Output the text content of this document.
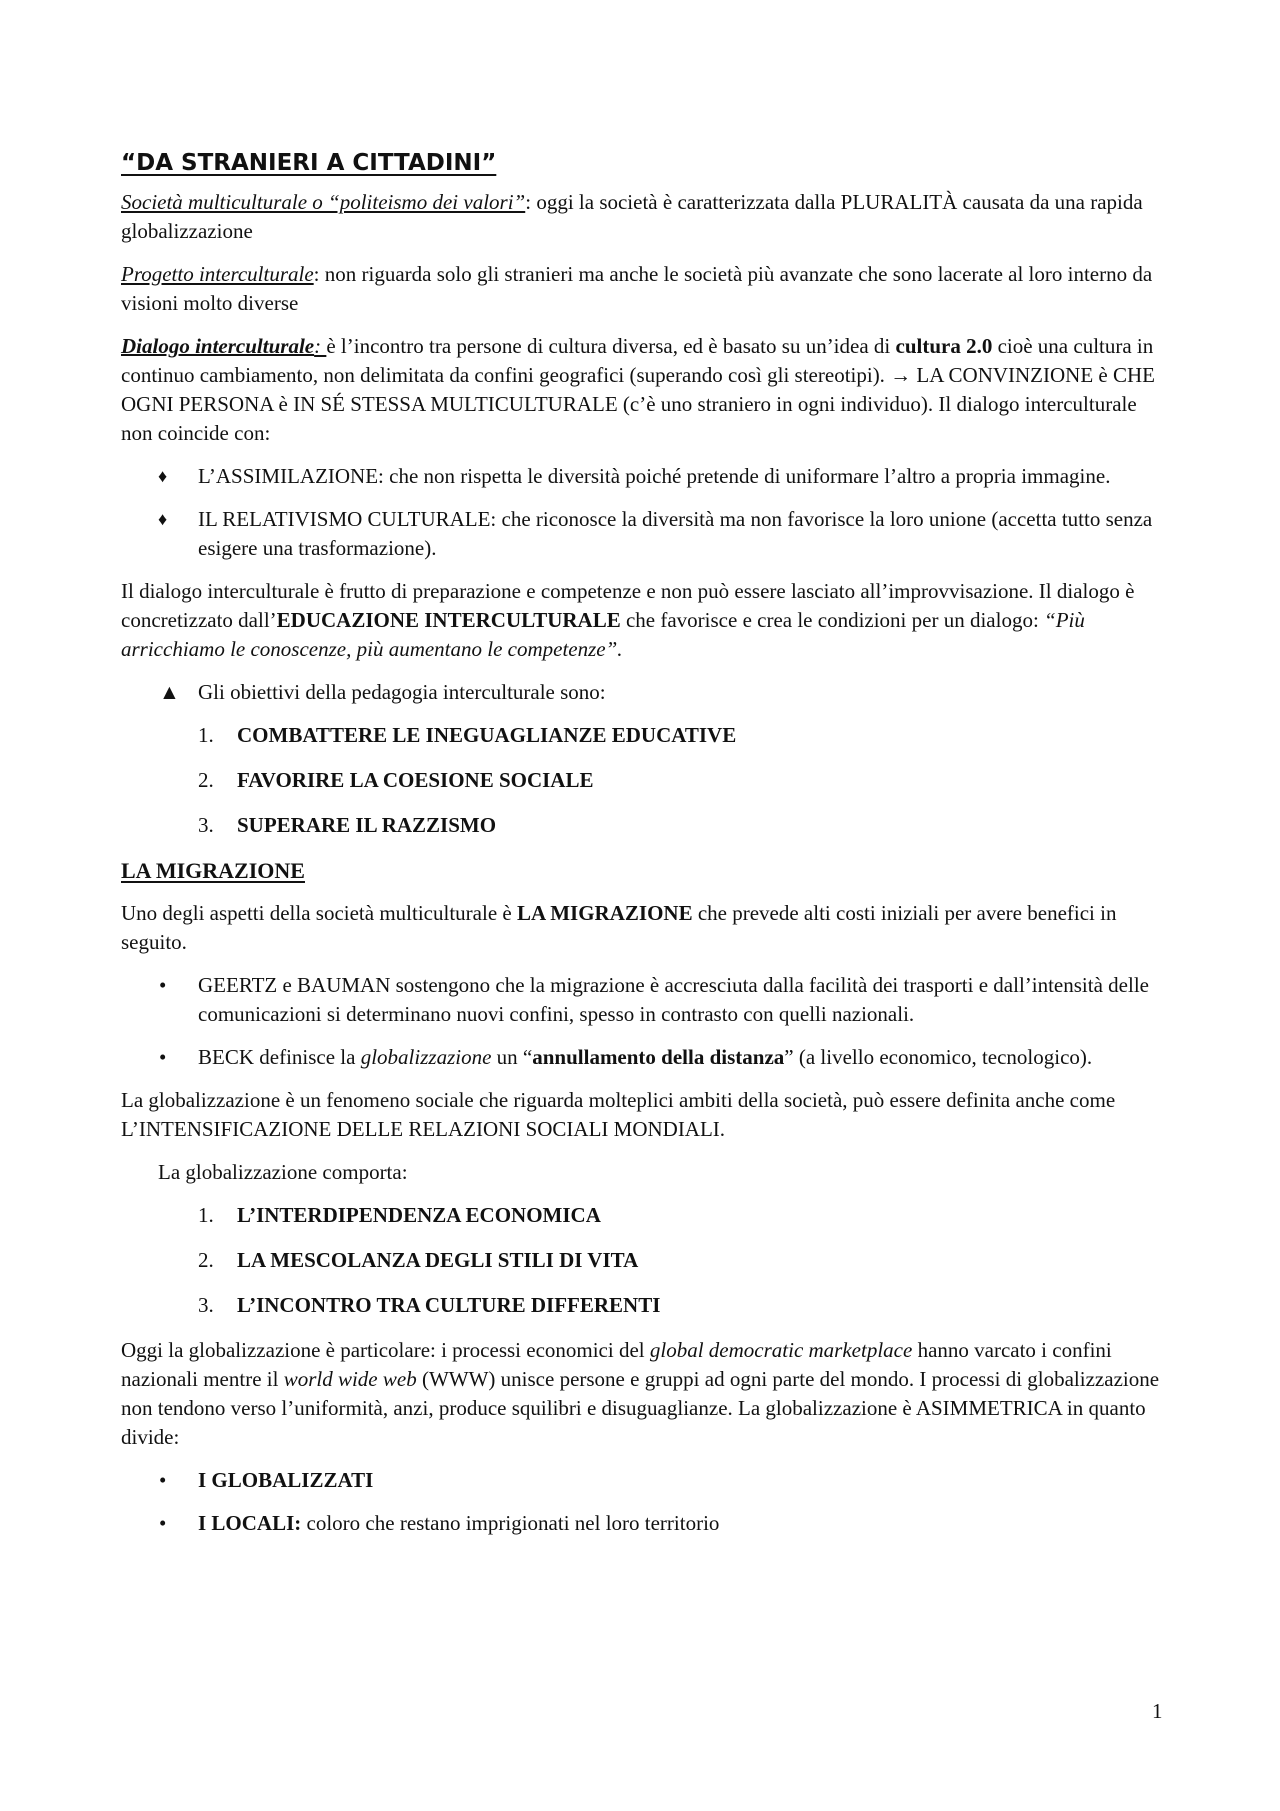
“DA STRANIERI A CITTADINI”

Società multiculturale o “politeismo dei valori”: oggi la società è caratterizzata dalla PLURALITÀ causata da una rapida globalizzazione

Progetto interculturale: non riguarda solo gli stranieri ma anche le società più avanzate che sono lacerate al loro interno da visioni molto diverse

Dialogo interculturale: è l’incontro tra persone di cultura diversa, ed è basato su un’idea di cultura 2.0 cioè una cultura in continuo cambiamento, non delimitata da confini geografici (superando così gli stereotipi). → LA CONVINZIONE è CHE OGNI PERSONA è IN SÉ STESSA MULTICULTURALE (c’è uno straniero in ogni individuo). Il dialogo interculturale non coincide con:

♦ L’ASSIMILAZIONE: che non rispetta le diversità poiché pretende di uniformare l’altro a propria immagine.
♦ IL RELATIVISMO CULTURALE: che riconosce la diversità ma non favorisce la loro unione (accetta tutto senza esigere una trasformazione).

Il dialogo interculturale è frutto di preparazione e competenze e non può essere lasciato all’improvvisazione. Il dialogo è concretizzato dall’EDUCAZIONE INTERCULTURALE che favorisce e crea le condizioni per un dialogo: “Più arricchiamo le conoscenze, più aumentano le competenze”.

▲ Gli obiettivi della pedagogia interculturale sono:
1. COMBATTERE LE INEGUAGLIANZE EDUCATIVE
2. FAVORIRE LA COESIONE SOCIALE
3. SUPERARE IL RAZZISMO
LA MIGRAZIONE

Uno degli aspetti della società multiculturale è LA MIGRAZIONE che prevede alti costi iniziali per avere benefici in seguito.

• GEERTZ e BAUMAN sostengono che la migrazione è accresciuta dalla facilità dei trasporti e dall’intensità delle comunicazioni si determinano nuovi confini, spesso in contrasto con quelli nazionali.
• BECK definisce la globalizzazione un “annullamento della distanza” (a livello economico, tecnologico).

La globalizzazione è un fenomeno sociale che riguarda molteplici ambiti della società, può essere definita anche come L’INTENSIFICAZIONE DELLE RELAZIONI SOCIALI MONDIALI.

La globalizzazione comporta:

1. L’INTERDIPENDENZA ECONOMICA
2. LA MESCOLANZA DEGLI STILI DI VITA
3. L’INCONTRO TRA CULTURE DIFFERENTI

Oggi la globalizzazione è particolare: i processi economici del global democratic marketplace hanno varcato i confini nazionali mentre il world wide web (WWW) unisce persone e gruppi ad ogni parte del mondo. I processi di globalizzazione non tendono verso l’uniformità, anzi, produce squilibri e disuguaglianze. La globalizzazione è ASIMMETRICA in quanto divide:

• I GLOBALIZZATI
• I LOCALI: coloro che restano imprigionati nel loro territorio
1
